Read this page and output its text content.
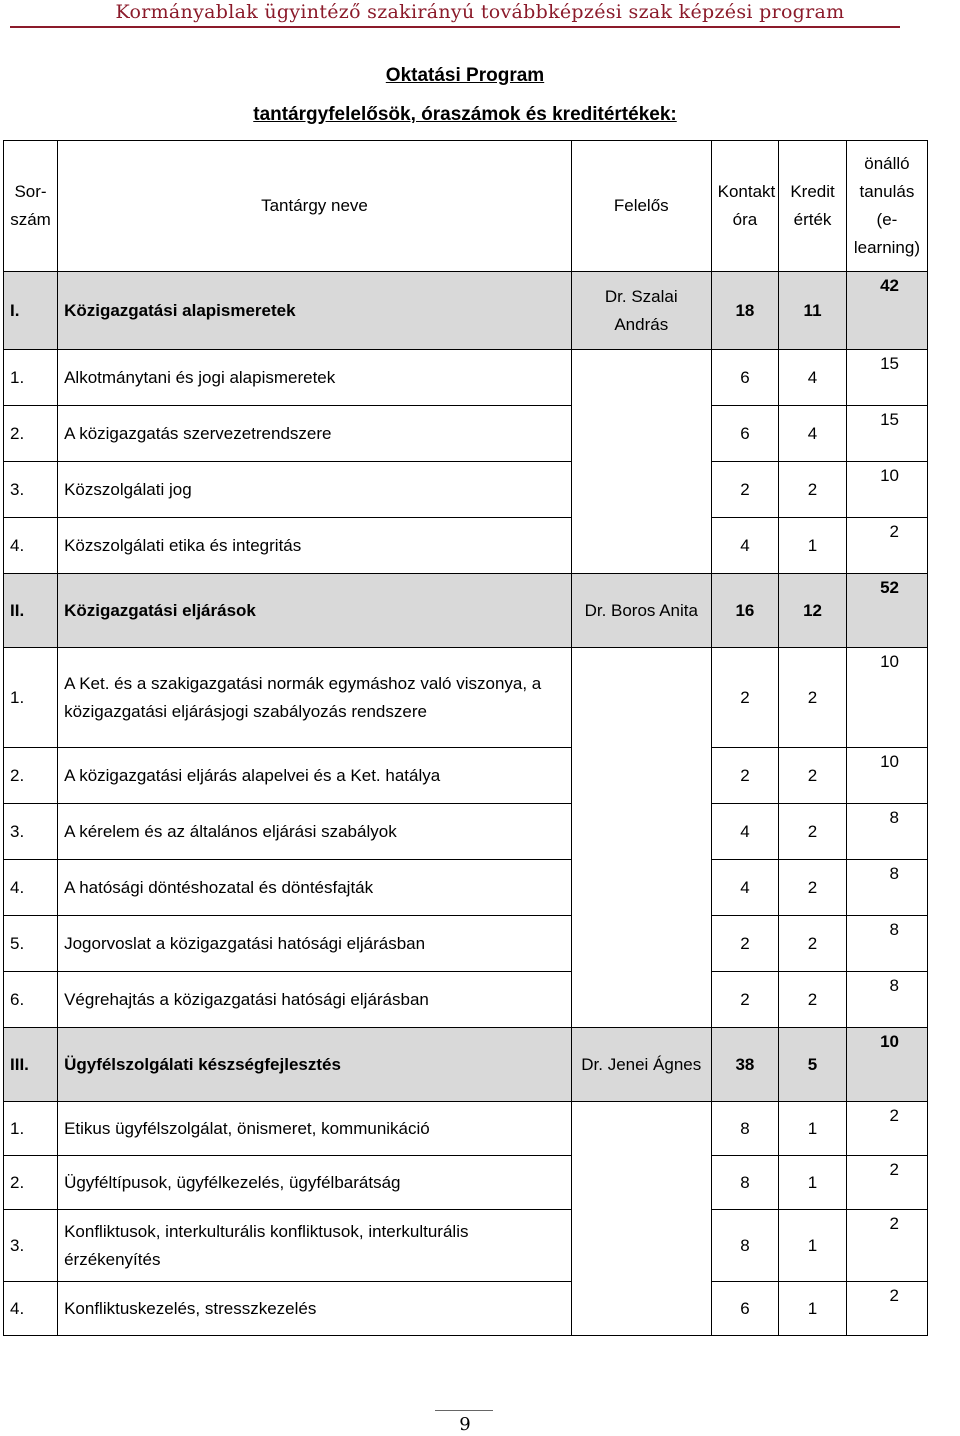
Kormányablak ügyintéző szakirányú továbbképzési szak képzési program
Oktatási Program
tantárgyfelelősök, óraszámok és kreditértékek:
Sor-szám	Tantárgy neve	Felelős	Kontakt óra	Kredit érték	önálló tanulás (e-learning)
I.	Közigazgatási alapismeretek	Dr. Szalai András	18	11	42
1.	Alkotmánytani és jogi alapismeretek		6	4	15
2.	A közigazgatás szervezetrendszere		6	4	15
3.	Közszolgálati jog		2	2	10
4.	Közszolgálati etika és integritás		4	1	2
II.	Közigazgatási eljárások	Dr. Boros Anita	16	12	52
1.	A Ket. és a szakigazgatási normák egymáshoz való viszonya, a közigazgatási eljárásjogi szabályozás rendszere		2	2	10
2.	A közigazgatási eljárás alapelvei és a Ket. hatálya		2	2	10
3.	A kérelem és az általános eljárási szabályok		4	2	8
4.	A hatósági döntéshozatal és döntésfajták		4	2	8
5.	Jogorvoslat a közigazgatási hatósági eljárásban		2	2	8
6.	Végrehajtás a közigazgatási hatósági eljárásban		2	2	8
III.	Ügyfélszolgálati készségfejlesztés	Dr. Jenei Ágnes	38	5	10
1.	Etikus ügyfélszolgálat, önismeret, kommunikáció		8	1	2
2.	Ügyféltípusok, ügyfélkezelés, ügyfélbarátság		8	1	2
3.	Konfliktusok, interkulturális konfliktusok, interkulturális érzékenyítés		8	1	2
4.	Konfliktuskezelés, stresszkezelés		6	1	2
9
